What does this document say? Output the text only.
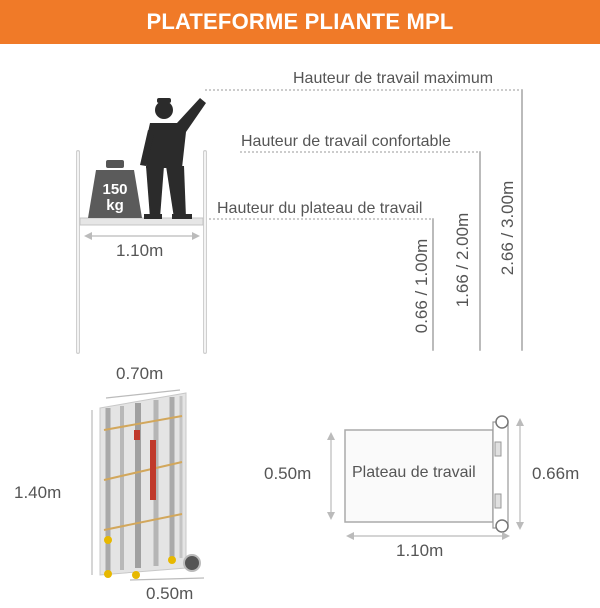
PLATEFORME PLIANTE MPL
150
kg
Hauteur de travail maximum
Hauteur de travail confortable
Hauteur du plateau de travail
0.66 / 1.00m 1.66 / 2.00m 2.66 / 3.00m
1.10m
0.70m
1.40m
0.50m
Plateau de travail
0.50m	0.66m
1.10m
